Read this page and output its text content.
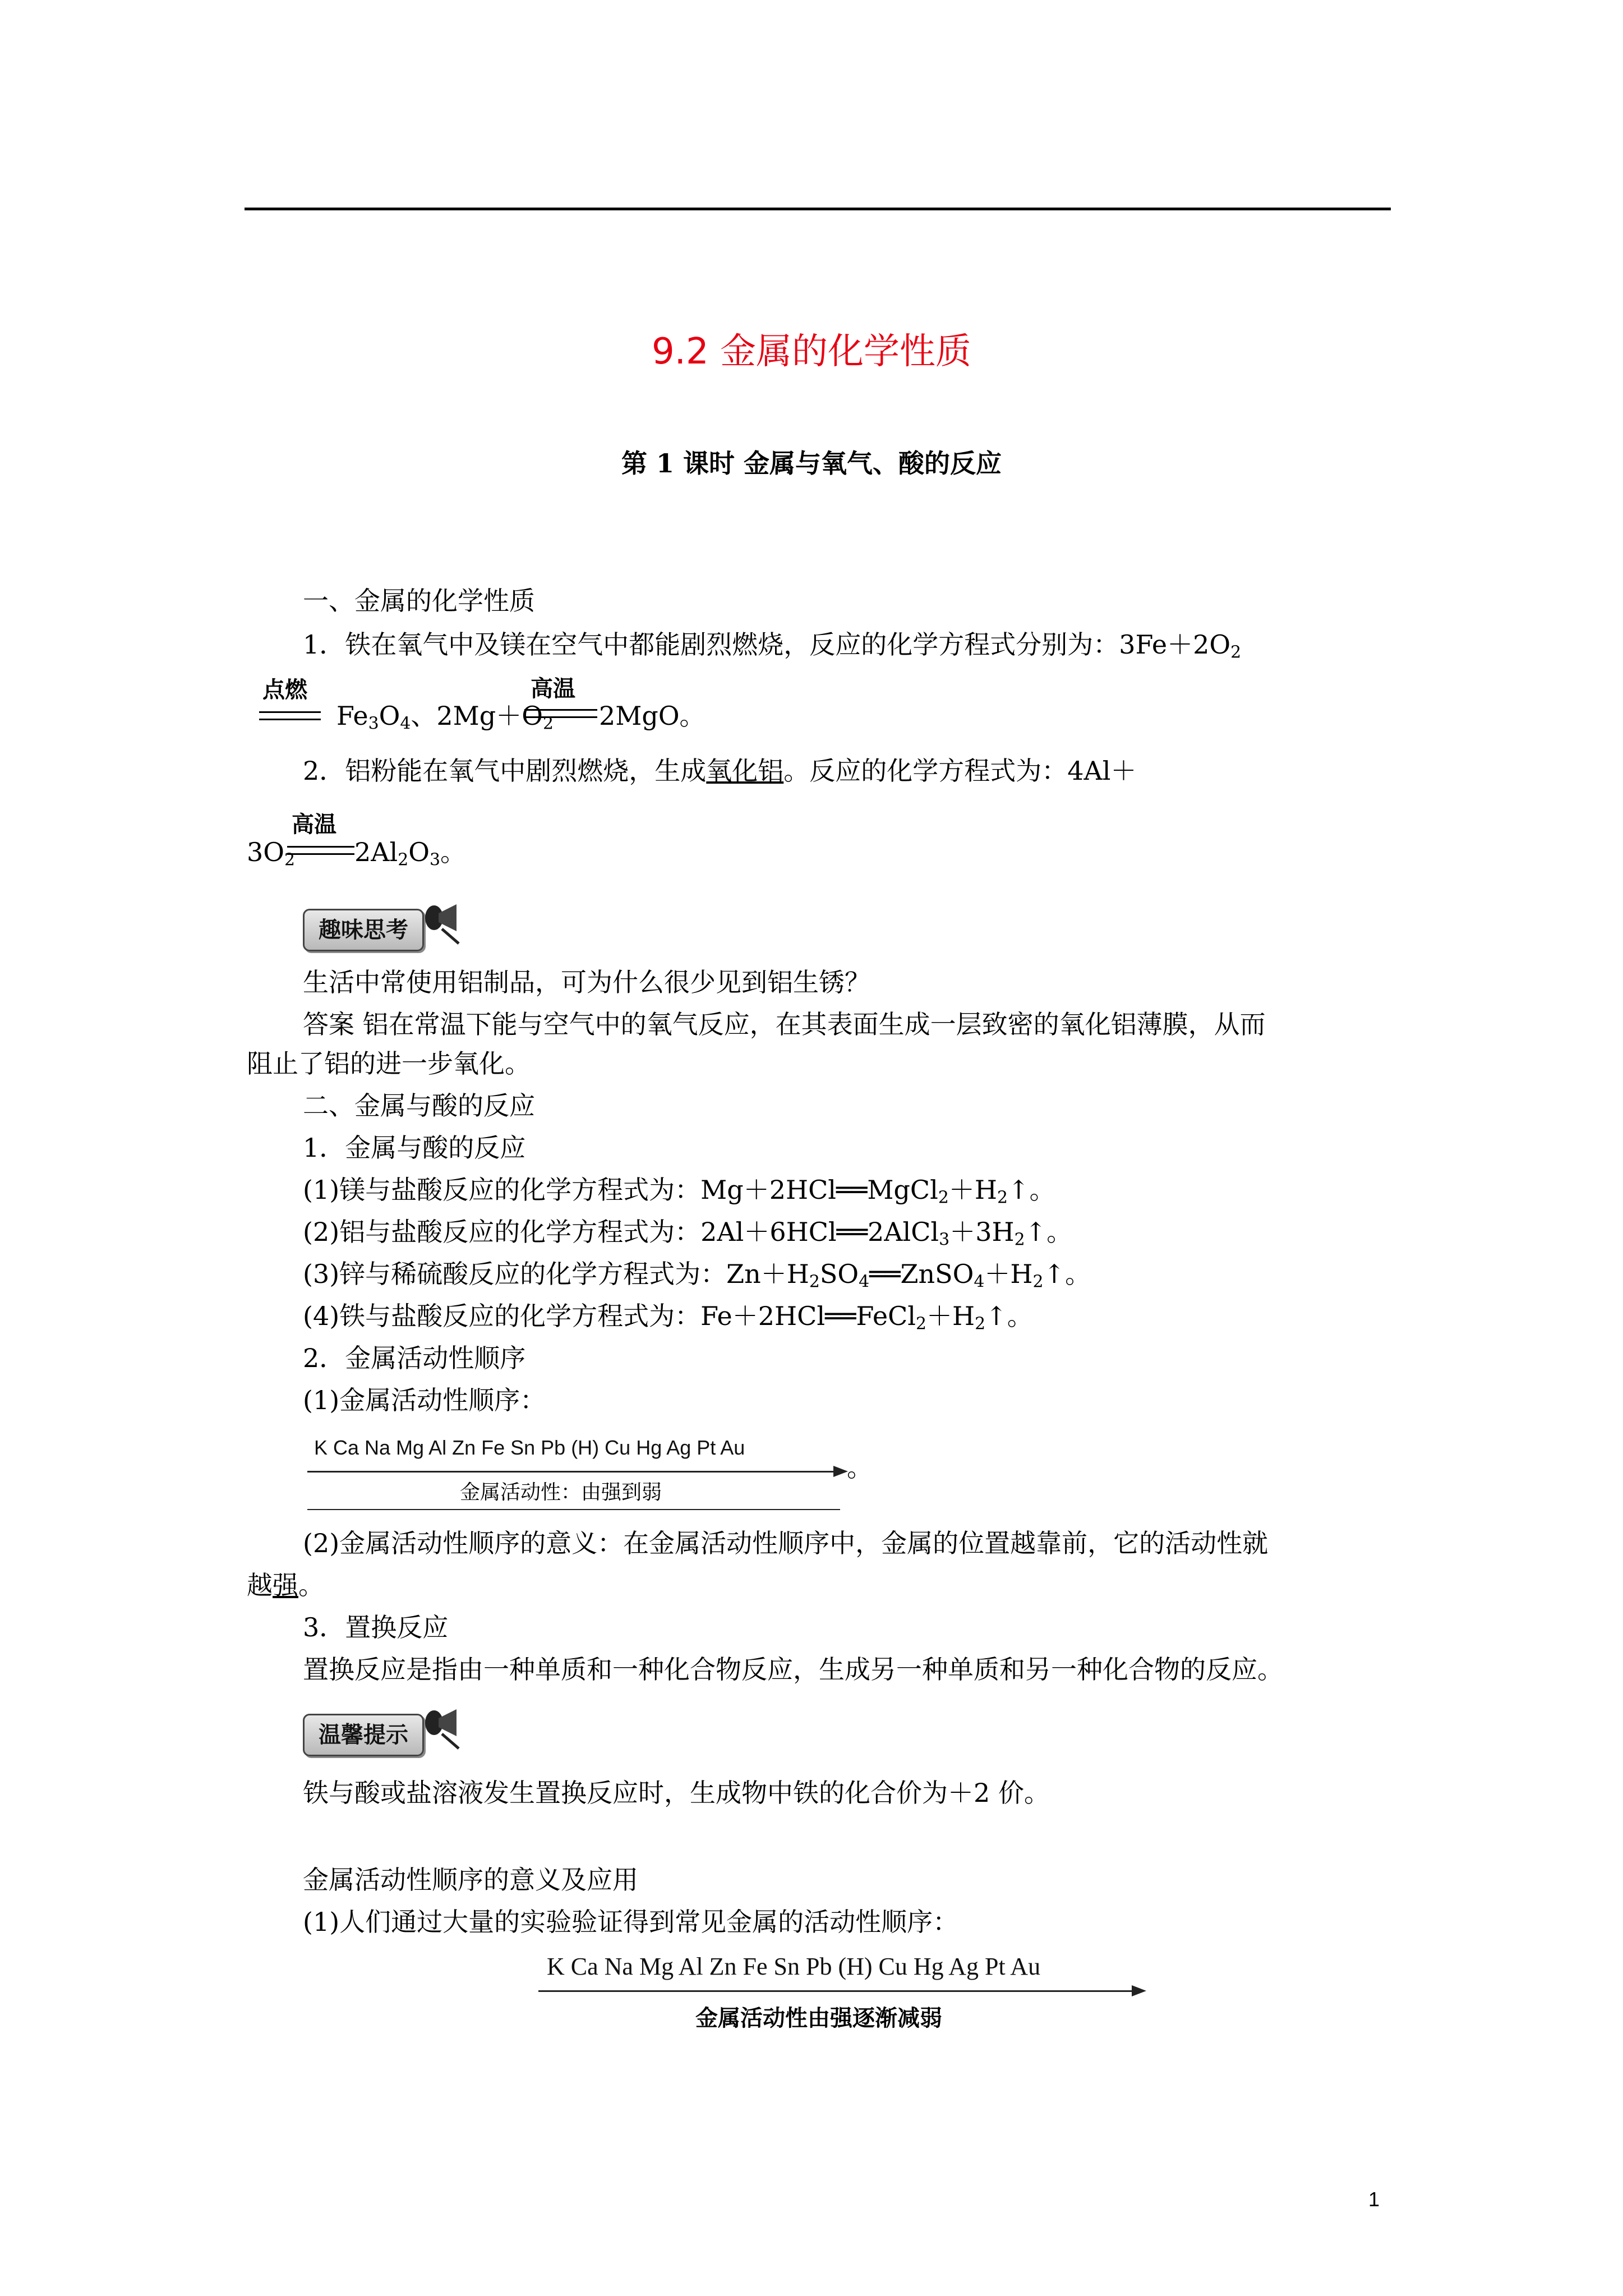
9.2 金属的化学性质
第 1 课时 金属与氧气、酸的反应
一、金属的化学性质
1．铁在氧气中及镁在空气中都能剧烈燃烧，反应的化学方程式分别为：$3Fe+2O_2$
点燃
$Fe_3O_4$、$2Mg+O_2$
高温
2MgO。
2．铝粉能在氧气中剧烈燃烧，生成氧化铝。反应的化学方程式为：4Al＋
高温
$3O_2$ $2Al_2O_3$。
趣味思考
生活中常使用铝制品，可为什么很少见到铝生锈？
答案 铝在常温下能与空气中的氧气反应，在其表面生成一层致密的氧化铝薄膜，从而
阻止了铝的进一步氧化。
二、金属与酸的反应
1．金属与酸的反应
(1)镁与盐酸反应的化学方程式为：$Mg+2HCl══MgCl_2+H_2↑$。
(2)铝与盐酸反应的化学方程式为：$2Al+6HCl══2AlCl_3+3H_2↑$。
(3)锌与稀硫酸反应的化学方程式为：$Zn+H_2SO_4══ZnSO_4+H_2↑$。
(4)铁与盐酸反应的化学方程式为：$Fe+2HCl══FeCl_2+H_2↑$。
2．金属活动性顺序
(1)金属活动性顺序：
K Ca Na Mg Al Zn Fe Sn Pb (H) Cu Hg Ag Pt Au
。
金属活动性：由强到弱
(2)金属活动性顺序的意义：在金属活动性顺序中，金属的位置越靠前，它的活动性就
越强。
3．置换反应
置换反应是指由一种单质和一种化合物反应，生成另一种单质和另一种化合物的反应。
温馨提示
铁与酸或盐溶液发生置换反应时，生成物中铁的化合价为＋2 价。
金属活动性顺序的意义及应用
(1)人们通过大量的实验验证得到常见金属的活动性顺序：
K Ca Na Mg Al Zn Fe Sn Pb (H) Cu Hg Ag Pt Au
金属活动性由强逐渐减弱
1
